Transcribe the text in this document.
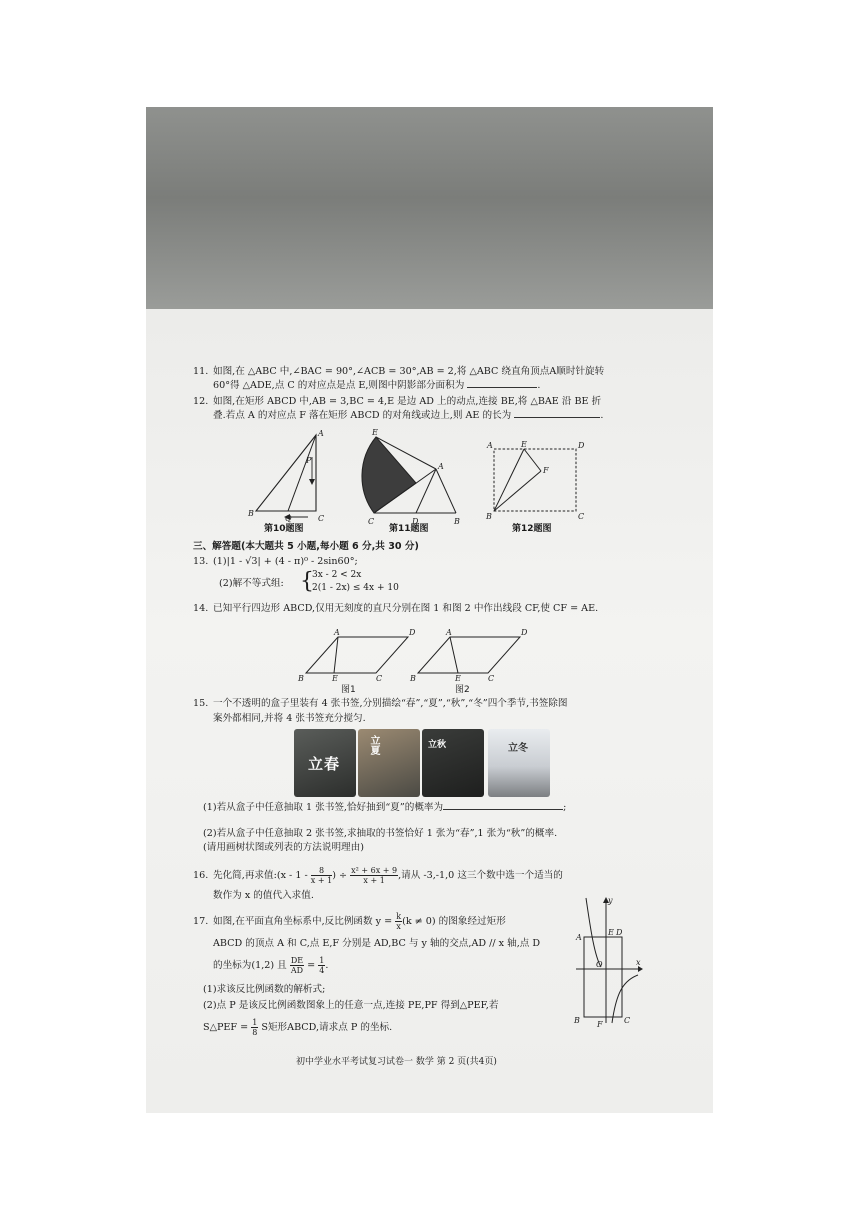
11. 如图,在 △ABC 中,∠BAC = 90°,∠ACB = 30°,AB = 2,将 △ABC 绕直角顶点A顺时针旋转
60°得 △ADE,点 C 的对应点是点 E,则图中阴影部分面积为	.
12. 如图,在矩形 ABCD 中,AB = 3,BC = 4,E 是边 AD 上的动点,连接 BE,将 △BAE 沿 BE 折
叠.若点 A 的对应点 F 落在矩形 ABCD 的对角线或边上,则 AE 的长为	.
A
P
B
Q	C
第10题图
E
A
C	D	B
第11题图
A	E	D
F
B	C
第12题图
三、解答题(本大题共 5 小题,每小题 6 分,共 30 分)
13. (1)|1 - √3| + (4 - π)⁰ - 2sin60°;
(2)解不等式组: {
3x - 2 < 2x
2(1 - 2x) ≤ 4x + 10
14. 已知平行四边形 ABCD,仅用无刻度的直尺分别在图 1 和图 2 中作出线段 CF,使 CF = AE.
A	D
B	E	C
图1
A	D
B	E	C
图2
15. 一个不透明的盒子里装有 4 张书签,分别描绘“春”,“夏”,“秋”,“冬”四个季节,书签除图
案外都相同,并将 4 张书签充分搅匀.
立春
立夏	立秋	立冬
(1)若从盒子中任意抽取 1 张书签,恰好抽到“夏”的概率为	;
(2)若从盒子中任意抽取 2 张书签,求抽取的书签恰好 1 张为“春”,1 张为“秋”的概率.
(请用画树状图或列表的方法说明理由)
16. 先化简,再求值:(x - $1 - \frac{8}{x + 1}$ ) ÷ $\frac{\text{x² + 6x + 9}}{x + 1}$ ,请从 -3,-1,0 这三个数中选一个适当的
数作为 x 的值代入求值.
17. 如图,在平面直角坐标系中,反比例函数 $y = \frac{k}{x} (k \ne 0)$ 的图象经过矩形
ABCD 的顶点 A 和 C,点 E,F 分别是 AD,BC 与 y 轴的交点,AD // x 轴,点 D
的坐标为(1,2) 且 $\frac{DE}{AD} = \frac{1}{4}$ .
(1)求该反比例函数的解析式;
(2)点 P 是该反比例函数图象上的任意一点,连接 PE,PF 得到△PEF,若
S△PEF = $\frac{1}{8}$ S矩形ABCD,请求点 P 的坐标.
y
A
E D
O	x
B F	C
初中学业水平考试复习试卷一 数学 第 2 页(共4页)
